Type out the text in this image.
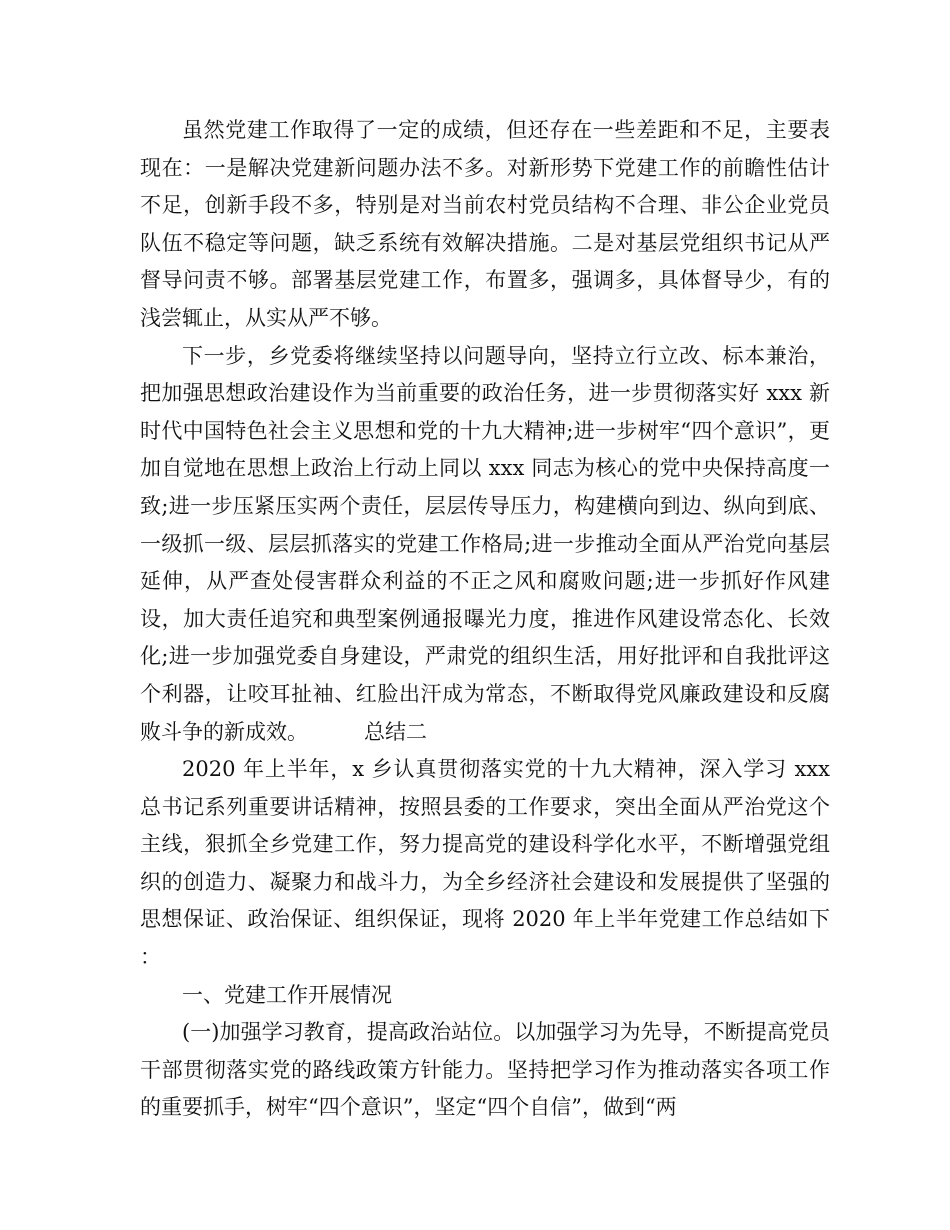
虽然党建工作取得了一定的成绩，但还存在一些差距和不足，主要表现在：一是解决党建新问题办法不多。对新形势下党建工作的前瞻性估计不足，创新手段不多，特别是对当前农村党员结构不合理、非公企业党员队伍不稳定等问题，缺乏系统有效解决措施。二是对基层党组织书记从严督导问责不够。部署基层党建工作，布置多，强调多，具体督导少，有的浅尝辄止，从实从严不够。

下一步，乡党委将继续坚持以问题导向，坚持立行立改、标本兼治，把加强思想政治建设作为当前重要的政治任务，进一步贯彻落实好 xxx 新时代中国特色社会主义思想和党的十九大精神;进一步树牢“四个意识”，更加自觉地在思想上政治上行动上同以 xxx 同志为核心的党中央保持高度一致;进一步压紧压实两个责任，层层传导压力，构建横向到边、纵向到底、一级抓一级、层层抓落实的党建工作格局;进一步推动全面从严治党向基层延伸，从严查处侵害群众利益的不正之风和腐败问题;进一步抓好作风建设，加大责任追究和典型案例通报曝光力度，推进作风建设常态化、长效化;进一步加强党委自身建设，严肃党的组织生活，用好批评和自我批评这个利器，让咬耳扯袖、红脸出汗成为常态，不断取得党风廉政建设和反腐败斗争的新成效。	总结二

2020 年上半年，x 乡认真贯彻落实党的十九大精神，深入学习 xxx 总书记系列重要讲话精神，按照县委的工作要求，突出全面从严治党这个主线，狠抓全乡党建工作，努力提高党的建设科学化水平，不断增强党组织的创造力、凝聚力和战斗力，为全乡经济社会建设和发展提供了坚强的思想保证、政治保证、组织保证，现将 2020 年上半年党建工作总结如下 ：

一、党建工作开展情况

(一)加强学习教育，提高政治站位。以加强学习为先导，不断提高党员干部贯彻落实党的路线政策方针能力。坚持把学习作为推动落实各项工作的重要抓手，树牢“四个意识”，坚定“四个自信”，做到“两
